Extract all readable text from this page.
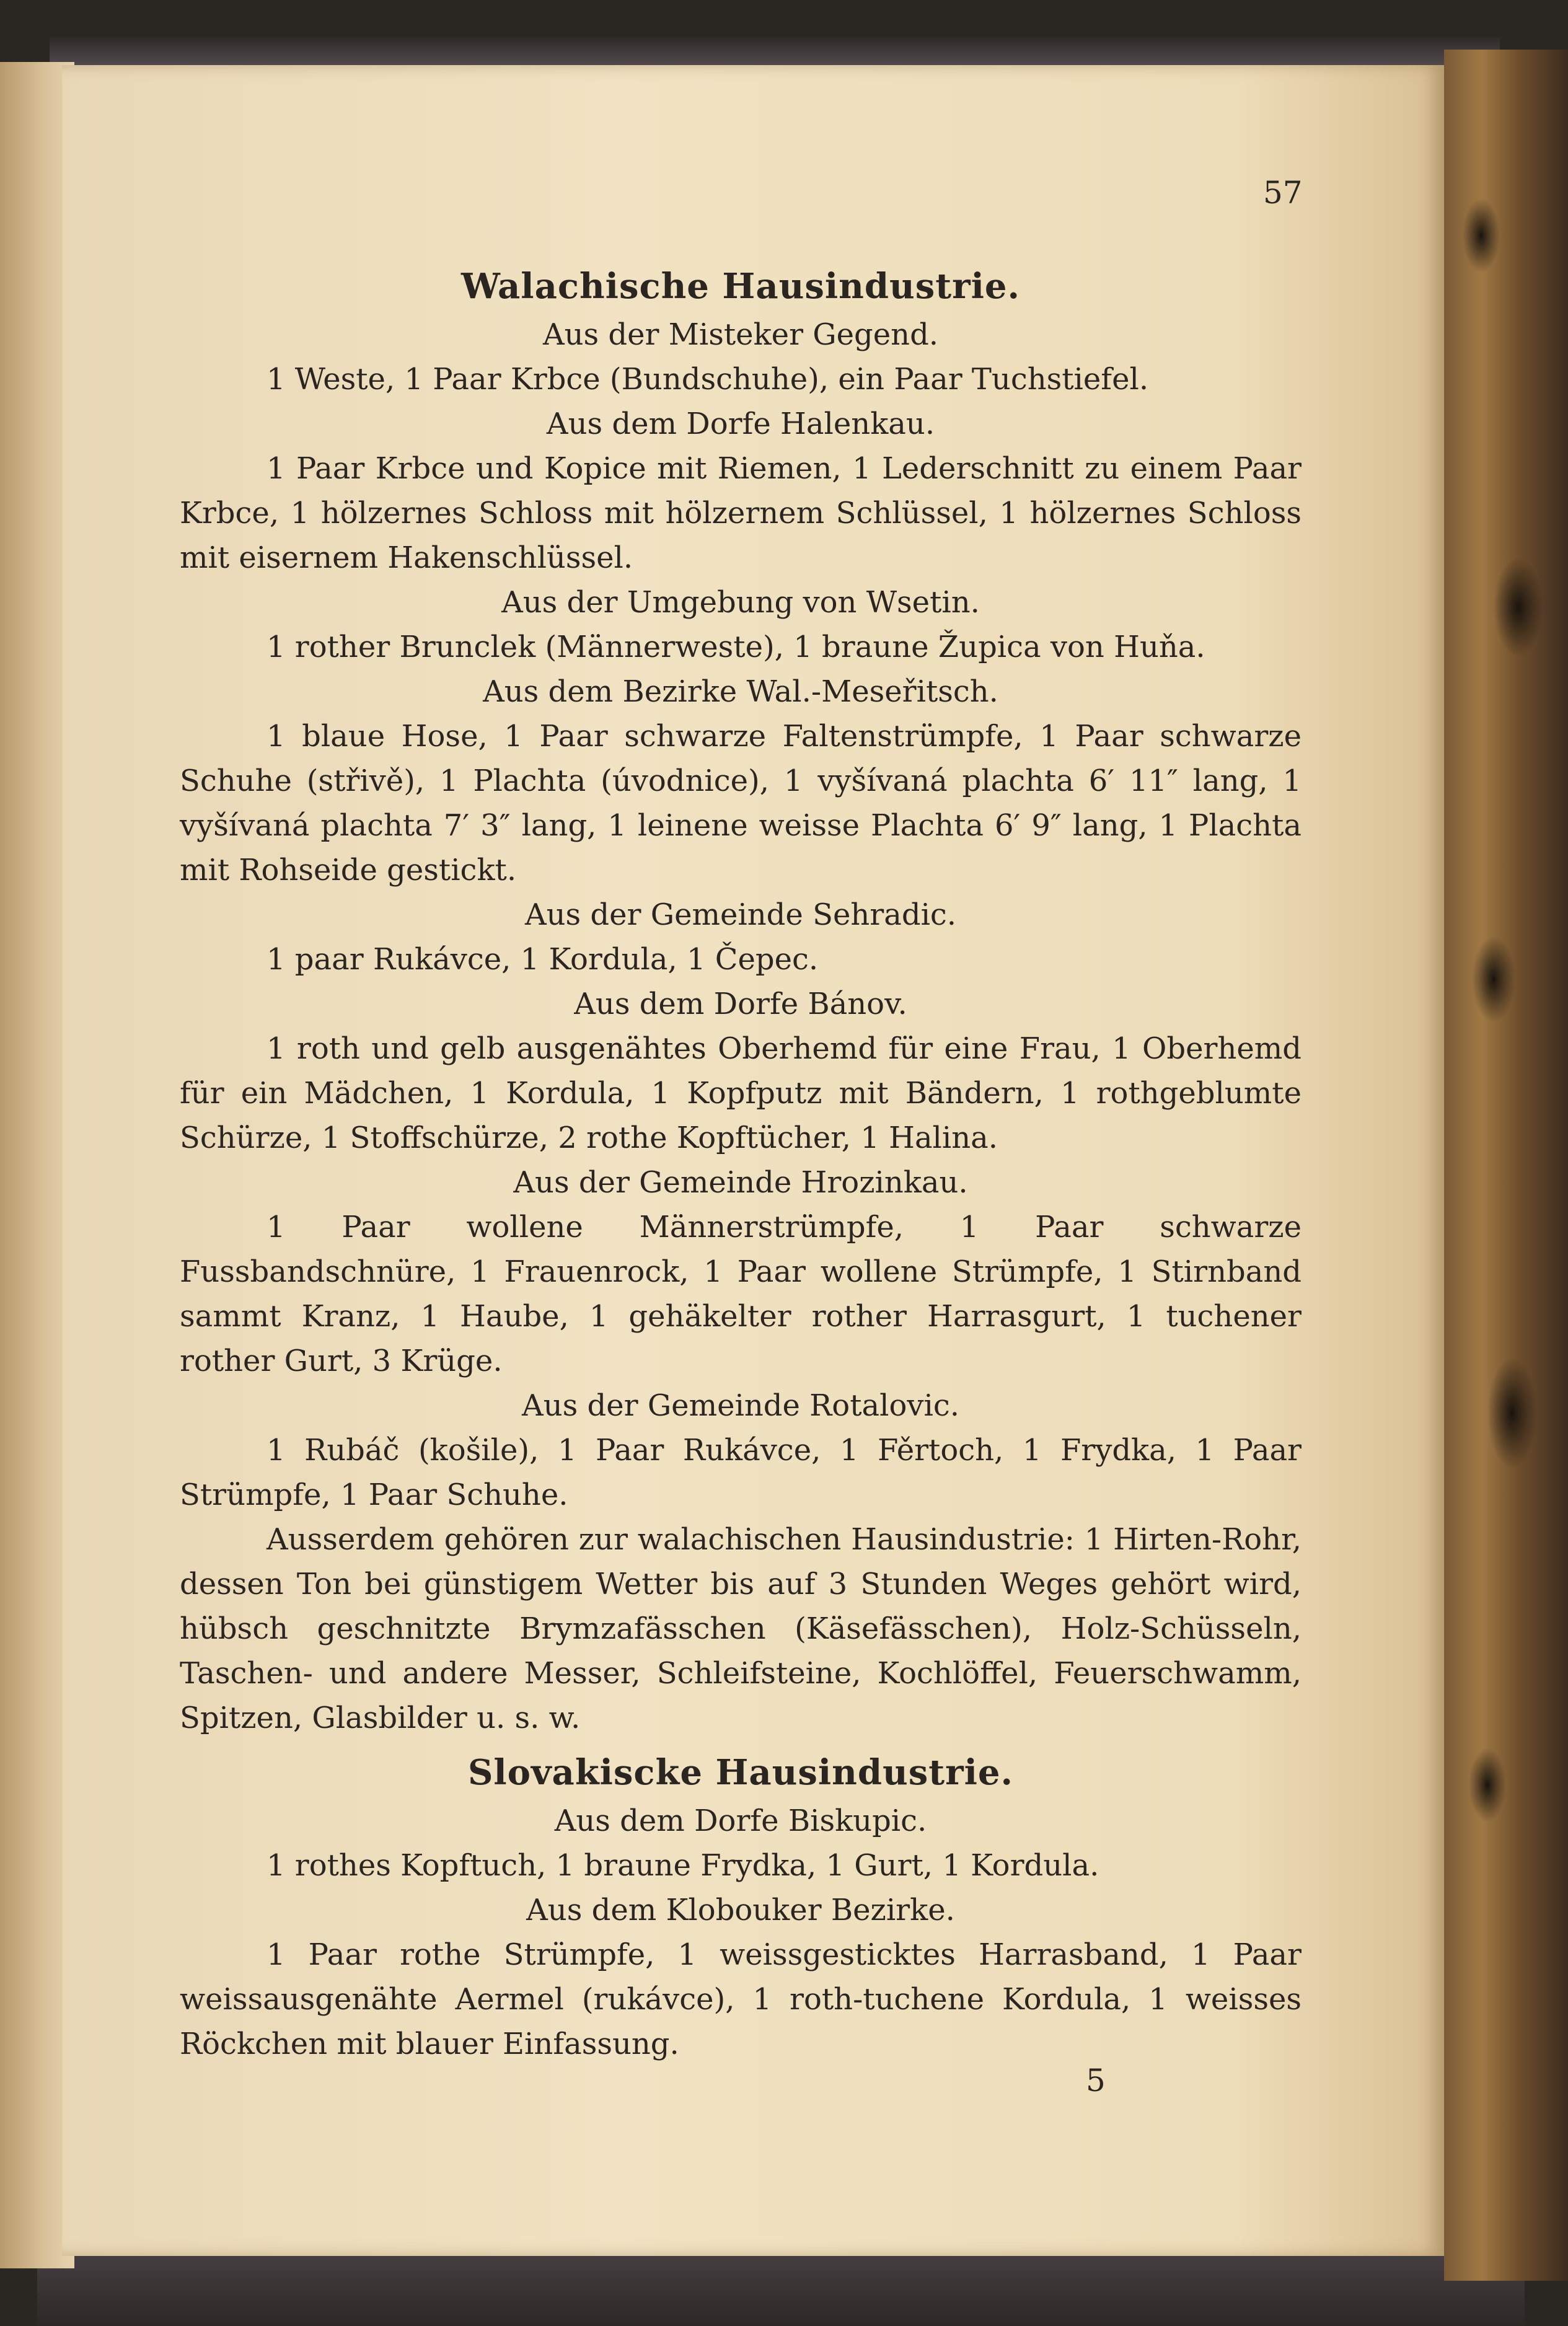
57
Walachische Hausindustrie.

Aus der Misteker Gegend.

1 Weste, 1 Paar Krbce (Bundschuhe), ein Paar Tuchstiefel.

Aus dem Dorfe Halenkau.

1 Paar Krbce und Kopice mit Riemen, 1 Lederschnitt zu einem Paar Krbce, 1 hölzernes Schloss mit hölzernem Schlüssel, 1 hölzernes Schloss mit eisernem Hakenschlüssel.

Aus der Umgebung von Wsetin.

1 rother Brunclek (Männerweste), 1 braune Župica von Huňa.

Aus dem Bezirke Wal.-Meseřitsch.

1 blaue Hose, 1 Paar schwarze Faltenstrümpfe, 1 Paar schwarze Schuhe (střivě), 1 Plachta (úvodnice), 1 vyšívaná plachta 6′ 11″ lang, 1 vyšívaná plachta 7′ 3″ lang, 1 leinene weisse Plachta 6′ 9″ lang, 1 Plachta mit Rohseide gestickt.

Aus der Gemeinde Sehradic.

1 paar Rukávce, 1 Kordula, 1 Čepec.

Aus dem Dorfe Bánov.

1 roth und gelb ausgenähtes Oberhemd für eine Frau, 1 Oberhemd für ein Mädchen, 1 Kordula, 1 Kopfputz mit Bändern, 1 rothgeblumte Schürze, 1 Stoffschürze, 2 rothe Kopftücher, 1 Halina.

Aus der Gemeinde Hrozinkau.

1 Paar wollene Männerstrümpfe, 1 Paar schwarze Fussbandschnüre, 1 Frauenrock, 1 Paar wollene Strümpfe, 1 Stirnband sammt Kranz, 1 Haube, 1 gehäkelter rother Harrasgurt, 1 tuchener rother Gurt, 3 Krüge.

Aus der Gemeinde Rotalovic.

1 Rubáč (košile), 1 Paar Rukávce, 1 Fěrtoch, 1 Frydka, 1 Paar Strümpfe, 1 Paar Schuhe.

Ausserdem gehören zur walachischen Hausindustrie: 1 Hirten-Rohr, dessen Ton bei günstigem Wetter bis auf 3 Stunden Weges gehört wird, hübsch geschnitzte Brymzafässchen (Käsefässchen), Holz-Schüsseln, Taschen- und andere Messer, Schleifsteine, Kochlöffel, Feuerschwamm, Spitzen, Glasbilder u. s. w.

Slovakiscke Hausindustrie.

Aus dem Dorfe Biskupic.

1 rothes Kopftuch, 1 braune Frydka, 1 Gurt, 1 Kordula.

Aus dem Klobouker Bezirke.

1 Paar rothe Strümpfe, 1 weissgesticktes Harrasband, 1 Paar weissausgenähte Aermel (rukávce), 1 roth-tuchene Kordula, 1 weisses Röckchen mit blauer Einfassung.

5
